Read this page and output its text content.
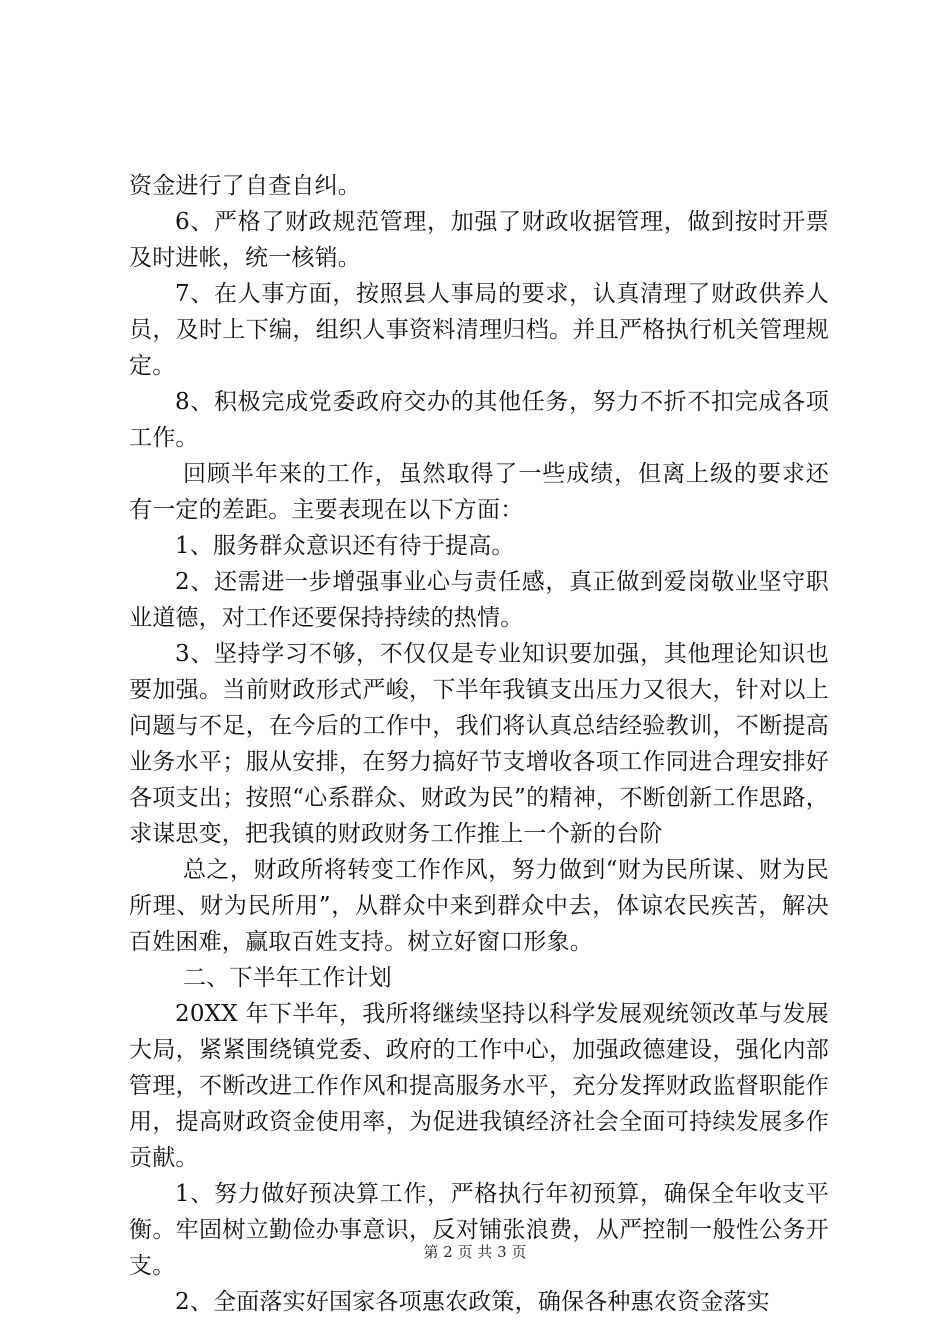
资金进行了自查自纠。

6、严格了财政规范管理，加强了财政收据管理，做到按时开票及时进帐，统一核销。

7、在人事方面，按照县人事局的要求，认真清理了财政供养人员，及时上下编，组织人事资料清理归档。并且严格执行机关管理规定。

8、积极完成党委政府交办的其他任务，努力不折不扣完成各项工作。

回顾半年来的工作，虽然取得了一些成绩，但离上级的要求还有一定的差距。主要表现在以下方面：

1、服务群众意识还有待于提高。

2、还需进一步增强事业心与责任感，真正做到爱岗敬业坚守职业道德，对工作还要保持持续的热情。

3、坚持学习不够，不仅仅是专业知识要加强，其他理论知识也要加强。当前财政形式严峻，下半年我镇支出压力又很大，针对以上问题与不足，在今后的工作中，我们将认真总结经验教训，不断提高业务水平；服从安排，在努力搞好节支增收各项工作同进合理安排好各项支出；按照“心系群众、财政为民”的精神，不断创新工作思路，求谋思变，把我镇的财政财务工作推上一个新的台阶

总之，财政所将转变工作作风，努力做到“财为民所谋、财为民所理、财为民所用”，从群众中来到群众中去，体谅农民疾苦，解决百姓困难，赢取百姓支持。树立好窗口形象。

二、下半年工作计划

20XX 年下半年，我所将继续坚持以科学发展观统领改革与发展大局，紧紧围绕镇党委、政府的工作中心，加强政德建设，强化内部管理，不断改进工作作风和提高服务水平，充分发挥财政监督职能作用，提高财政资金使用率，为促进我镇经济社会全面可持续发展多作贡献。

1、努力做好预决算工作，严格执行年初预算，确保全年收支平衡。牢固树立勤俭办事意识，反对铺张浪费，从严控制一般性公务开支。

2、全面落实好国家各项惠农政策，确保各种惠农资金落实

第 2 页 共 3 页
